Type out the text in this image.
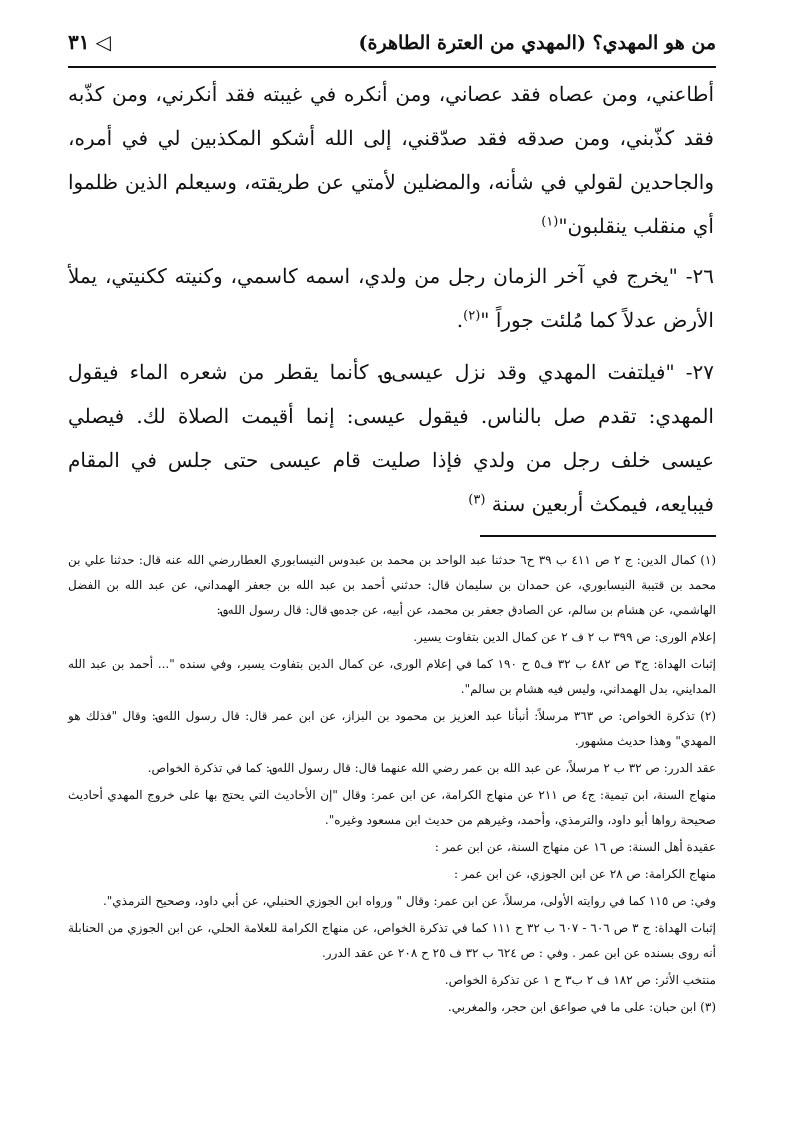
من هو المهدي؟ (المهدي من العترة الطاهرة)
٣١ ◁

أطاعني، ومن عصاه فقد عصاني، ومن أنكره في غيبته فقد أنكرني، ومن كذّبه فقد كذّبني، ومن صدقه فقد صدّقني، إلى الله أشكو المكذبين لي في أمره، والجاحدين لقولي في شأنه، والمضلين لأمتي عن طريقته، وسيعلم الذين ظلموا أي منقلب ينقلبون"$^{(١)}$

٢٦- "يخرج في آخر الزمان رجل من ولدي، اسمه كاسمي، وكنيته ككنيتي، يملأ الأرض عدلاً كما مُلئت جوراً "$^{(٢)}$.

٢٧- "فيلتفت المهدي وقد نزل عيسى؈ كأنما يقطر من شعره الماء فيقول المهدي: تقدم صل بالناس. فيقول عيسى: إنما أقيمت الصلاة لك. فيصلي عيسى خلف رجل من ولدي فإذا صليت قام عيسى حتى جلس في المقام فيبايعه، فيمكث أربعين سنة $^{(٣)}$

(١) كمال الدين: ج ٢ ص ٤١١ ب ٣٩ ح٦ حدثنا عبد الواحد بن محمد بن عبدوس النيسابوري العطاررضي الله عنه قال: حدثنا علي بن محمد بن قتيبة النيسابوري، عن حمدان بن سليمان قال: حدثني أحمد بن عبد الله بن جعفر الهمداني، عن عبد الله بن الفضل الهاشمي، عن هشام بن سالم، عن الصادق جعفر بن محمد، عن أبيه، عن جده؈ قال: قال رسول الله؈:

إعلام الورى: ص ٣٩٩ ب ٢ ف ٢ عن كمال الدين بتفاوت يسير.

إثبات الهداة: ج٣ ص ٤٨٢ ب ٣٢ ف٥ ح ١٩٠ كما في إعلام الورى، عن كمال الدين بتفاوت يسير، وفي سنده "... أحمد بن عبد الله المدايني، بدل الهمداني، وليس فيه هشام بن سالم".

(٢) تذكرة الخواص: ص ٣٦٣ مرسلاً: أنبأنا عبد العزيز بن محمود بن البزاز، عن ابن عمر قال: قال رسول الله؈: وقال "فذلك هو المهدي" وهذا حديث مشهور.

عقد الدرر: ص ٣٢ ب ٢ مرسلاً، عن عبد الله بن عمر رضي الله عنهما قال: قال رسول الله؈: كما في تذكرة الخواص.

منهاج السنة، ابن تيمية: ج٤ ص ٢١١ عن منهاج الكرامة، عن ابن عمر: وقال "إن الأحاديث التي يحتج بها على خروج المهدي أحاديث صحيحة رواها أبو داود، والترمذي، وأحمد، وغيرهم من حديث ابن مسعود وغيره".

عقيدة أهل السنة: ص ١٦ عن منهاج السنة، عن ابن عمر :

منهاج الكرامة: ص ٢٨ عن ابن الجوزي، عن ابن عمر :

وفي: ص ١١٥ كما في روايته الأولى، مرسلاً، عن ابن عمر: وقال " ورواه ابن الجوزي الحنبلي، عن أبي داود، وصحيح الترمذي".

إثبات الهداة: ج ٣ ص ٦٠٦ - ٦٠٧ ب ٣٢ ح ١١١ كما في تذكرة الخواص، عن منهاج الكرامة للعلامة الحلي، عن ابن الجوزي من الحنابلة أنه روى بسنده عن ابن عمر . وفي : ص ٦٢٤ ب ٣٢ ف ٢٥ ح ٢٠٨ عن عقد الدرر.

منتخب الأثر: ص ١٨٢ ف ٢ ب٣ ح ١ عن تذكرة الخواص.

(٣) ابن حبان: على ما في صواعق ابن حجر، والمغربي.
